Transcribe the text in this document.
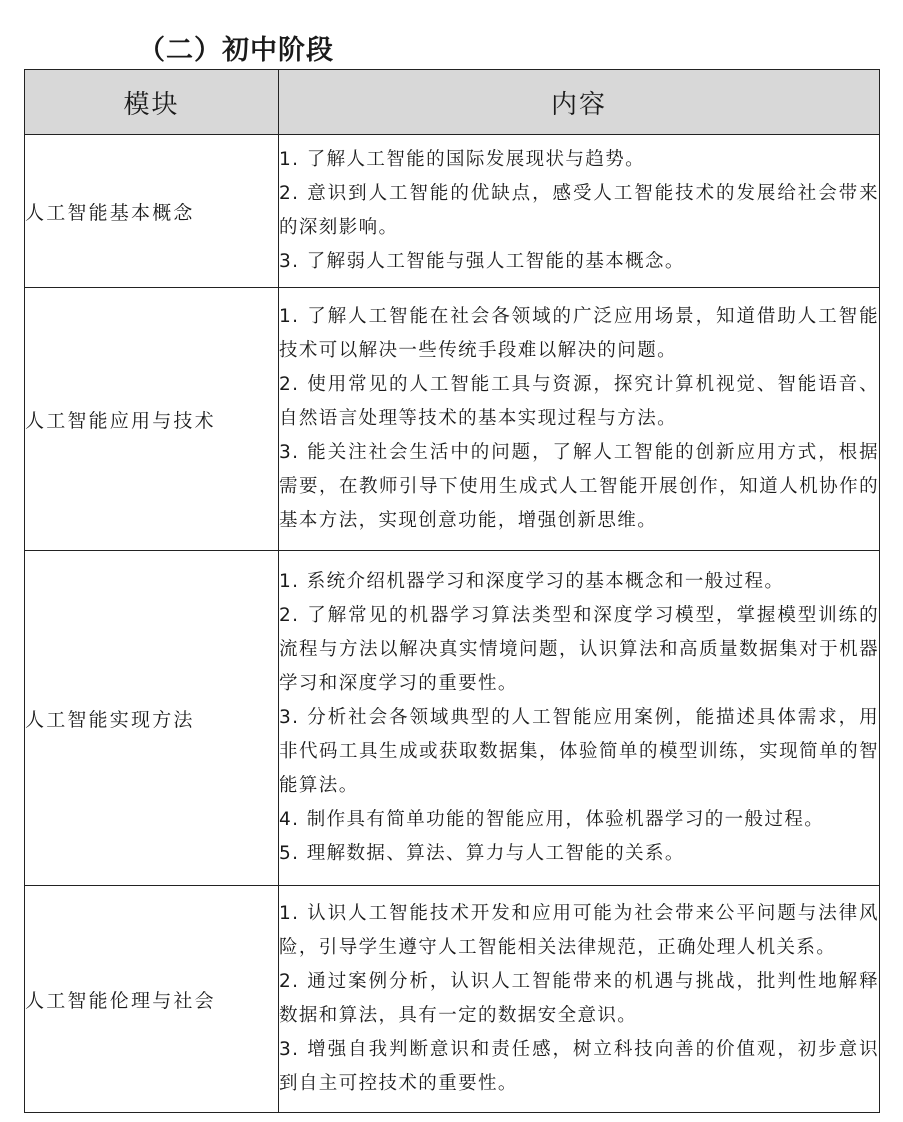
（二）初中阶段
模块	内容
人工智能基本概念	1. 了解人工智能的国际发展现状与趋势。
2. 意识到人工智能的优缺点，感受人工智能技术的发展给社会带来的深刻影响。
3. 了解弱人工智能与强人工智能的基本概念。

人工智能应用与技术	1. 了解人工智能在社会各领域的广泛应用场景，知道借助人工智能技术可以解决一些传统手段难以解决的问题。
2. 使用常见的人工智能工具与资源，探究计算机视觉、智能语音、自然语言处理等技术的基本实现过程与方法。
3. 能关注社会生活中的问题，了解人工智能的创新应用方式，根据需要，在教师引导下使用生成式人工智能开展创作，知道人机协作的基本方法，实现创意功能，增强创新思维。

人工智能实现方法	1. 系统介绍机器学习和深度学习的基本概念和一般过程。
2. 了解常见的机器学习算法类型和深度学习模型，掌握模型训练的流程与方法以解决真实情境问题，认识算法和高质量数据集对于机器学习和深度学习的重要性。
3. 分析社会各领域典型的人工智能应用案例，能描述具体需求，用非代码工具生成或获取数据集，体验简单的模型训练，实现简单的智能算法。
4. 制作具有简单功能的智能应用，体验机器学习的一般过程。
5. 理解数据、算法、算力与人工智能的关系。

人工智能伦理与社会	1. 认识人工智能技术开发和应用可能为社会带来公平问题与法律风险，引导学生遵守人工智能相关法律规范，正确处理人机关系。
2. 通过案例分析，认识人工智能带来的机遇与挑战，批判性地解释数据和算法，具有一定的数据安全意识。
3. 增强自我判断意识和责任感，树立科技向善的价值观，初步意识到自主可控技术的重要性。
